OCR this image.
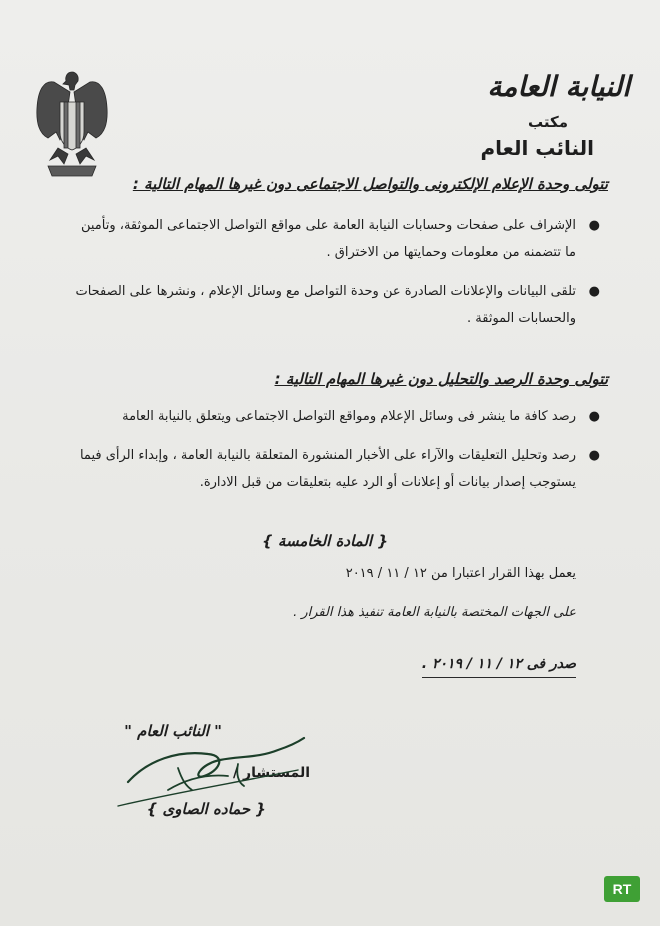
النيابة العامة
مكتب
النائب العام
تتولى وحدة الإعلام الإلكترونى والتواصل الاجتماعى دون غيرها المهام التالية :
●
الإشراف على صفحات وحسابات النيابة العامة على مواقع التواصل الاجتماعى الموثقة، وتأمين ما تتضمنه من معلومات وحمايتها من الاختراق .
●
تلقى البيانات والإعلانات الصادرة عن وحدة التواصل مع وسائل الإعلام ، ونشرها على الصفحات والحسابات الموثقة .
تتولى وحدة الرصد والتحليل دون غيرها المهام التالية :
●
رصد كافة ما ينشر فى وسائل الإعلام ومواقع التواصل الاجتماعى ويتعلق بالنيابة العامة
●
رصد وتحليل التعليقات والآراء على الأخبار المنشورة المتعلقة بالنيابة العامة ، وإبداء الرأى فيما يستوجب إصدار بيانات أو إعلانات أو الرد عليه بتعليقات من قبل الادارة.
{ المادة الخامسة }
يعمل بهذا القرار اعتبارا من ١٢ / ١١ / ٢٠١٩
على الجهات المختصة بالنيابة العامة تنفيذ هذا القرار .
صدر فى ١٢ / ١١ / ٢٠١٩ .
" النائب العام "
المستشار /
{ حماده الصاوى }
RT
